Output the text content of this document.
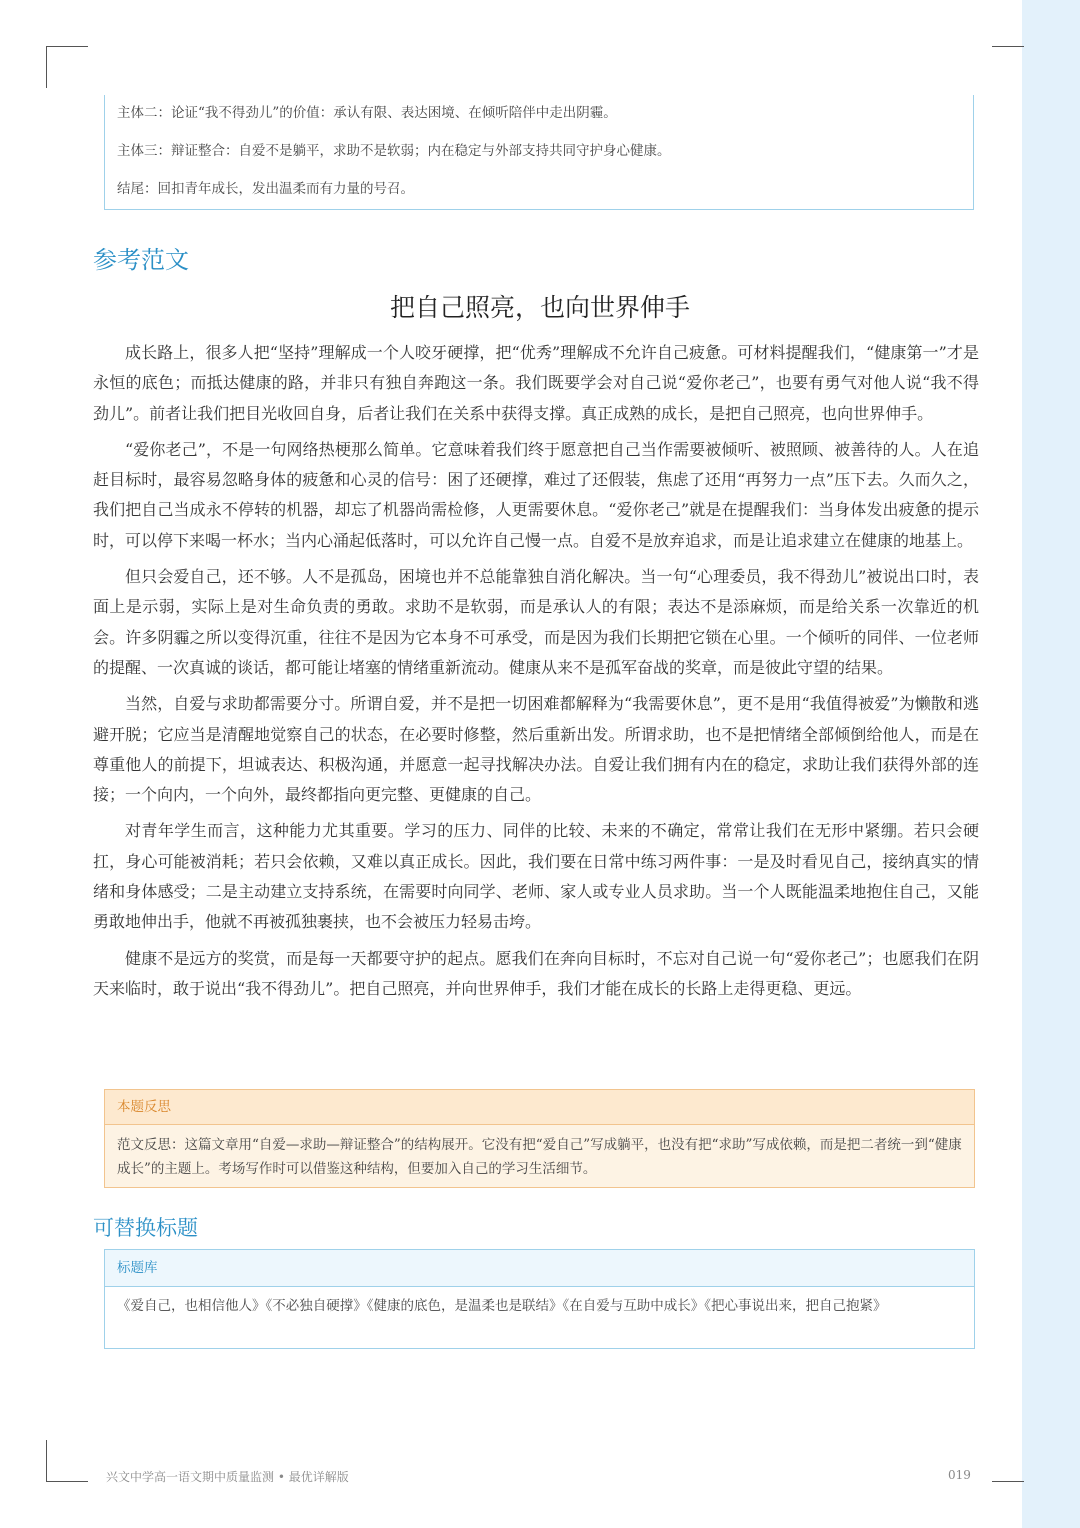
主体二：论证“我不得劲儿”的价值：承认有限、表达困境、在倾听陪伴中走出阴霾。

主体三：辩证整合：自爱不是躺平，求助不是软弱；内在稳定与外部支持共同守护身心健康。

结尾：回扣青年成长，发出温柔而有力量的号召。

参考范文
把自己照亮，也向世界伸手

成长路上，很多人把“坚持”理解成一个人咬牙硬撑，把“优秀”理解成不允许自己疲惫。可材料提醒我们，“健康第一”才是永恒的底色；而抵达健康的路，并非只有独自奔跑这一条。我们既要学会对自己说“爱你老己”，也要有勇气对他人说“我不得劲儿”。前者让我们把目光收回自身，后者让我们在关系中获得支撑。真正成熟的成长，是把自己照亮，也向世界伸手。

“爱你老己”，不是一句网络热梗那么简单。它意味着我们终于愿意把自己当作需要被倾听、被照顾、被善待的人。人在追赶目标时，最容易忽略身体的疲惫和心灵的信号：困了还硬撑，难过了还假装，焦虑了还用“再努力一点”压下去。久而久之，我们把自己当成永不停转的机器，却忘了机器尚需检修，人更需要休息。“爱你老己”就是在提醒我们：当身体发出疲惫的提示时，可以停下来喝一杯水；当内心涌起低落时，可以允许自己慢一点。自爱不是放弃追求，而是让追求建立在健康的地基上。

但只会爱自己，还不够。人不是孤岛，困境也并不总能靠独自消化解决。当一句“心理委员，我不得劲儿”被说出口时，表面上是示弱，实际上是对生命负责的勇敢。求助不是软弱，而是承认人的有限；表达不是添麻烦，而是给关系一次靠近的机会。许多阴霾之所以变得沉重，往往不是因为它本身不可承受，而是因为我们长期把它锁在心里。一个倾听的同伴、一位老师的提醒、一次真诚的谈话，都可能让堵塞的情绪重新流动。健康从来不是孤军奋战的奖章，而是彼此守望的结果。

当然，自爱与求助都需要分寸。所谓自爱，并不是把一切困难都解释为“我需要休息”，更不是用“我值得被爱”为懒散和逃避开脱；它应当是清醒地觉察自己的状态，在必要时修整，然后重新出发。所谓求助，也不是把情绪全部倾倒给他人，而是在尊重他人的前提下，坦诚表达、积极沟通，并愿意一起寻找解决办法。自爱让我们拥有内在的稳定，求助让我们获得外部的连接；一个向内，一个向外，最终都指向更完整、更健康的自己。

对青年学生而言，这种能力尤其重要。学习的压力、同伴的比较、未来的不确定，常常让我们在无形中紧绷。若只会硬扛，身心可能被消耗；若只会依赖，又难以真正成长。因此，我们要在日常中练习两件事：一是及时看见自己，接纳真实的情绪和身体感受；二是主动建立支持系统，在需要时向同学、老师、家人或专业人员求助。当一个人既能温柔地抱住自己，又能勇敢地伸出手，他就不再被孤独裹挟，也不会被压力轻易击垮。

健康不是远方的奖赏，而是每一天都要守护的起点。愿我们在奔向目标时，不忘对自己说一句“爱你老己”；也愿我们在阴天来临时，敢于说出“我不得劲儿”。把自己照亮，并向世界伸手，我们才能在成长的长路上走得更稳、更远。

本题反思
范文反思：这篇文章用“自爱—求助—辩证整合”的结构展开。它没有把“爱自己”写成躺平，也没有把“求助”写成依赖，而是把二者统一到“健康成长”的主题上。考场写作时可以借鉴这种结构，但要加入自己的学习生活细节。
可替换标题
标题库
《爱自己，也相信他人》《不必独自硬撑》《健康的底色，是温柔也是联结》《在自爱与互助中成长》《把心事说出来，把自己抱紧》
兴文中学高一语文期中质量监测 • 最优详解版	019
